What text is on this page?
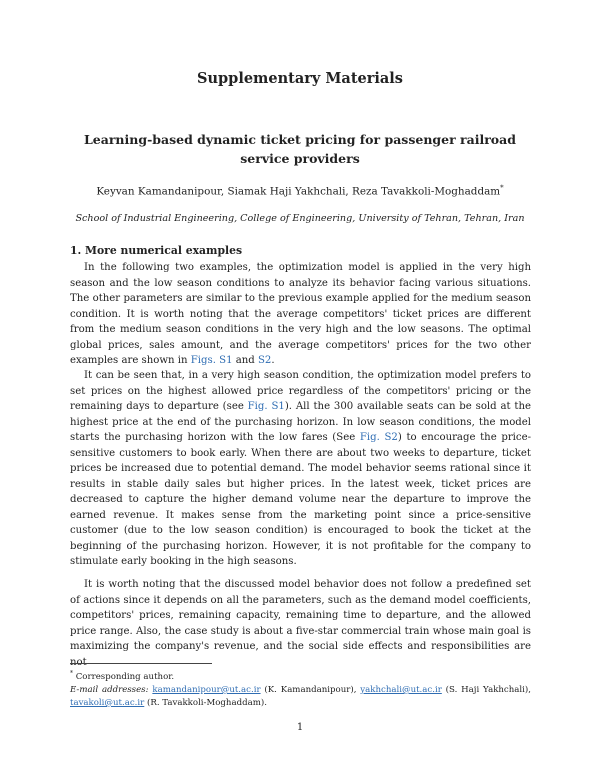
Supplementary Materials
Learning-based dynamic ticket pricing for passenger railroad service providers
Keyvan Kamandanipour, Siamak Haji Yakhchali, Reza Tavakkoli-Moghaddam*
School of Industrial Engineering, College of Engineering, University of Tehran, Tehran, Iran
1. More numerical examples

In the following two examples, the optimization model is applied in the very high season and the low season conditions to analyze its behavior facing various situations. The other parameters are similar to the previous example applied for the medium season condition. It is worth noting that the average competitors' ticket prices are different from the medium season conditions in the very high and the low seasons. The optimal global prices, sales amount, and the average competitors' prices for the two other examples are shown in Figs. S1 and S2.

It can be seen that, in a very high season condition, the optimization model prefers to set prices on the highest allowed price regardless of the competitors' pricing or the remaining days to departure (see Fig. S1). All the 300 available seats can be sold at the highest price at the end of the purchasing horizon. In low season conditions, the model starts the purchasing horizon with the low fares (See Fig. S2) to encourage the price-sensitive customers to book early. When there are about two weeks to departure, ticket prices be increased due to potential demand. The model behavior seems rational since it results in stable daily sales but higher prices. In the latest week, ticket prices are decreased to capture the higher demand volume near the departure to improve the earned revenue. It makes sense from the marketing point since a price-sensitive customer (due to the low season condition) is encouraged to book the ticket at the beginning of the purchasing horizon. However, it is not profitable for the company to stimulate early booking in the high seasons.

It is worth noting that the discussed model behavior does not follow a predefined set of actions since it depends on all the parameters, such as the demand model coefficients, competitors' prices, remaining capacity, remaining time to departure, and the allowed price range. Also, the case study is about a five-star commercial train whose main goal is maximizing the company's revenue, and the social side effects and responsibilities are not

* Corresponding author.

E-mail addresses: kamandanipour@ut.ac.ir (K. Kamandanipour), yakhchali@ut.ac.ir (S. Haji Yakhchali), tavakoli@ut.ac.ir (R. Tavakkoli-Moghaddam).

1
